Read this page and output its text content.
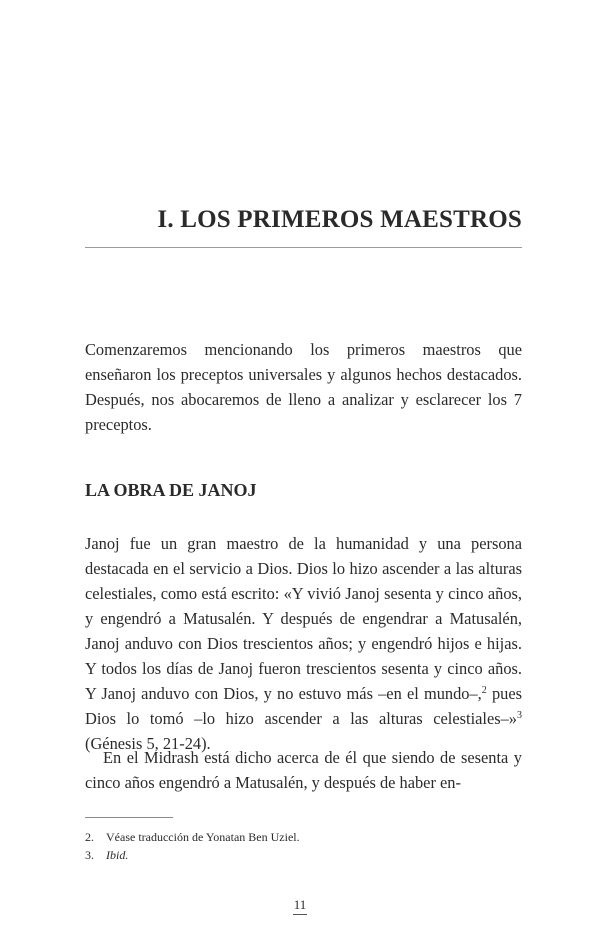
I. LOS PRIMEROS MAESTROS

Comenzaremos mencionando los primeros maestros que enseñaron los preceptos universales y algunos hechos destacados. Después, nos abocaremos de lleno a analizar y esclarecer los 7 preceptos.

LA OBRA DE JANOJ

Janoj fue un gran maestro de la humanidad y una persona destacada en el servicio a Dios. Dios lo hizo ascender a las alturas celestiales, como está escrito: «Y vivió Janoj sesenta y cinco años, y engendró a Matusalén. Y después de engendrar a Matusalén, Janoj anduvo con Dios trescientos años; y engendró hijos e hijas. Y todos los días de Janoj fueron trescientos sesenta y cinco años. Y Janoj anduvo con Dios, y no estuvo más –en el mundo–,$^2$ pues Dios lo tomó –lo hizo ascender a las alturas celestiales–»$^3$ (Génesis 5, 21-24).

En el Midrash está dicho acerca de él que siendo de sesenta y cinco años engendró a Matusalén, y después de haber en-

2. Véase traducción de Yonatan Ben Uziel.
3. Ibid.
11
